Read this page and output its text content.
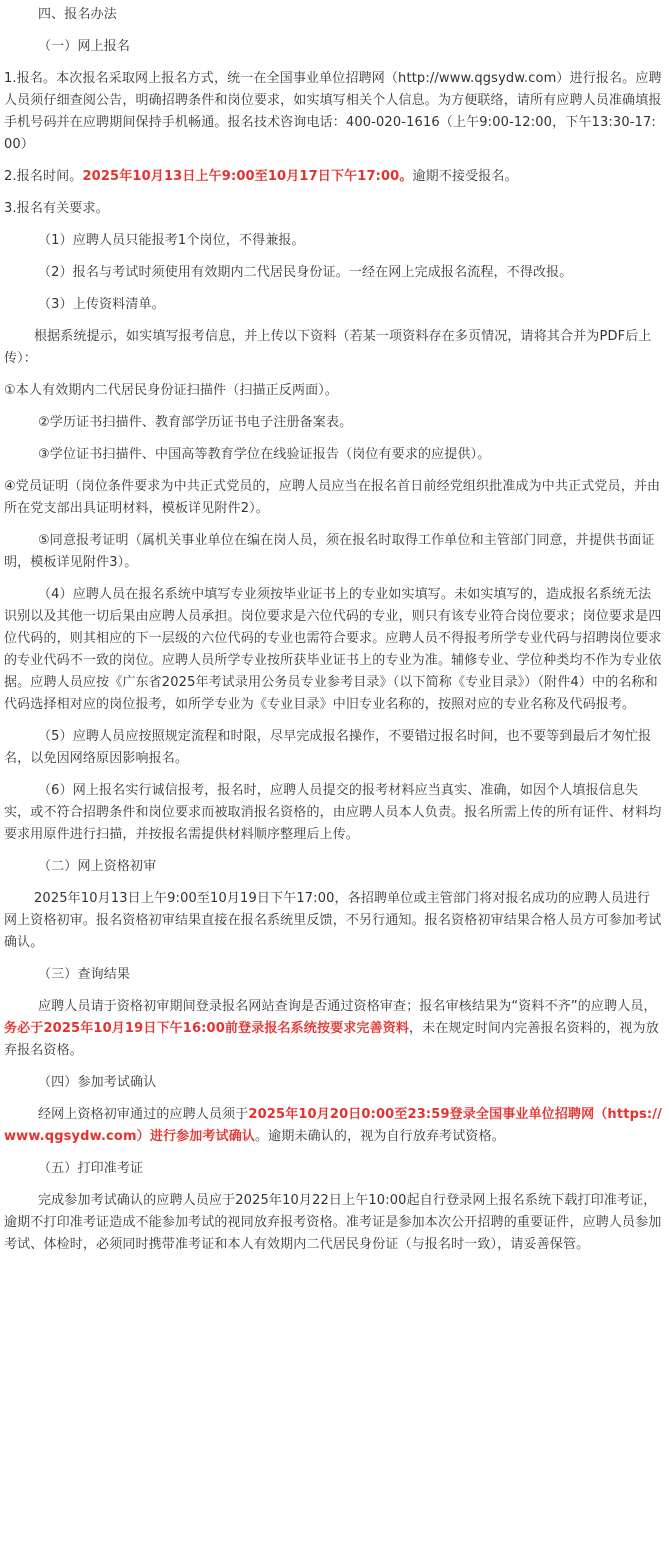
四、报名办法

（一）网上报名

1.报名。本次报名采取网上报名方式，统一在全国事业单位招聘网（http://www.qgsydw.com）进行报名。应聘人员须仔细查阅公告，明确招聘条件和岗位要求，如实填写相关个人信息。为方便联络，请所有应聘人员准确填报手机号码并在应聘期间保持手机畅通。报名技术咨询电话：400-020-1616（上午9:00-12:00，下午13:30-17:00）

2.报名时间。2025年10月13日上午9:00至10月17日下午17:00。逾期不接受报名。

3.报名有关要求。

（1）应聘人员只能报考1个岗位，不得兼报。

（2）报名与考试时须使用有效期内二代居民身份证。一经在网上完成报名流程，不得改报。

（3）上传资料清单。

根据系统提示，如实填写报考信息，并上传以下资料（若某一项资料存在多页情况，请将其合并为PDF后上传）：

①本人有效期内二代居民身份证扫描件（扫描正反两面）。

②学历证书扫描件、教育部学历证书电子注册备案表。

③学位证书扫描件、中国高等教育学位在线验证报告（岗位有要求的应提供）。

④党员证明（岗位条件要求为中共正式党员的，应聘人员应当在报名首日前经党组织批准成为中共正式党员，并由所在党支部出具证明材料，模板详见附件2）。

⑤同意报考证明（属机关事业单位在编在岗人员，须在报名时取得工作单位和主管部门同意，并提供书面证明，模板详见附件3）。

（4）应聘人员在报名系统中填写专业须按毕业证书上的专业如实填写。未如实填写的，造成报名系统无法识别以及其他一切后果由应聘人员承担。岗位要求是六位代码的专业，则只有该专业符合岗位要求；岗位要求是四位代码的，则其相应的下一层级的六位代码的专业也需符合要求。应聘人员不得报考所学专业代码与招聘岗位要求的专业代码不一致的岗位。应聘人员所学专业按所获毕业证书上的专业为准。辅修专业、学位种类均不作为专业依据。应聘人员应按《广东省2025年考试录用公务员专业参考目录》（以下简称《专业目录》）（附件4）中的名称和代码选择相对应的岗位报考，如所学专业为《专业目录》中旧专业名称的，按照对应的专业名称及代码报考。

（5）应聘人员应按照规定流程和时限，尽早完成报名操作，不要错过报名时间，也不要等到最后才匆忙报名，以免因网络原因影响报名。

（6）网上报名实行诚信报考，报名时，应聘人员提交的报考材料应当真实、准确，如因个人填报信息失实，或不符合招聘条件和岗位要求而被取消报名资格的，由应聘人员本人负责。报名所需上传的所有证件、材料均要求用原件进行扫描，并按报名需提供材料顺序整理后上传。

（二）网上资格初审

2025年10月13日上午9:00至10月19日下午17:00，各招聘单位或主管部门将对报名成功的应聘人员进行网上资格初审。报名资格初审结果直接在报名系统里反馈，不另行通知。报名资格初审结果合格人员方可参加考试确认。

（三）查询结果

应聘人员请于资格初审期间登录报名网站查询是否通过资格审查；报名审核结果为“资料不齐”的应聘人员，务必于2025年10月19日下午16:00前登录报名系统按要求完善资料，未在规定时间内完善报名资料的，视为放弃报名资格。

（四）参加考试确认

经网上资格初审通过的应聘人员须于2025年10月20日0:00至23:59登录全国事业单位招聘网（https://www.qgsydw.com）进行参加考试确认。逾期未确认的，视为自行放弃考试资格。

（五）打印准考证

完成参加考试确认的应聘人员应于2025年10月22日上午10:00起自行登录网上报名系统下载打印准考证，逾期不打印准考证造成不能参加考试的视同放弃报考资格。准考证是参加本次公开招聘的重要证件，应聘人员参加考试、体检时，必须同时携带准考证和本人有效期内二代居民身份证（与报名时一致），请妥善保管。
